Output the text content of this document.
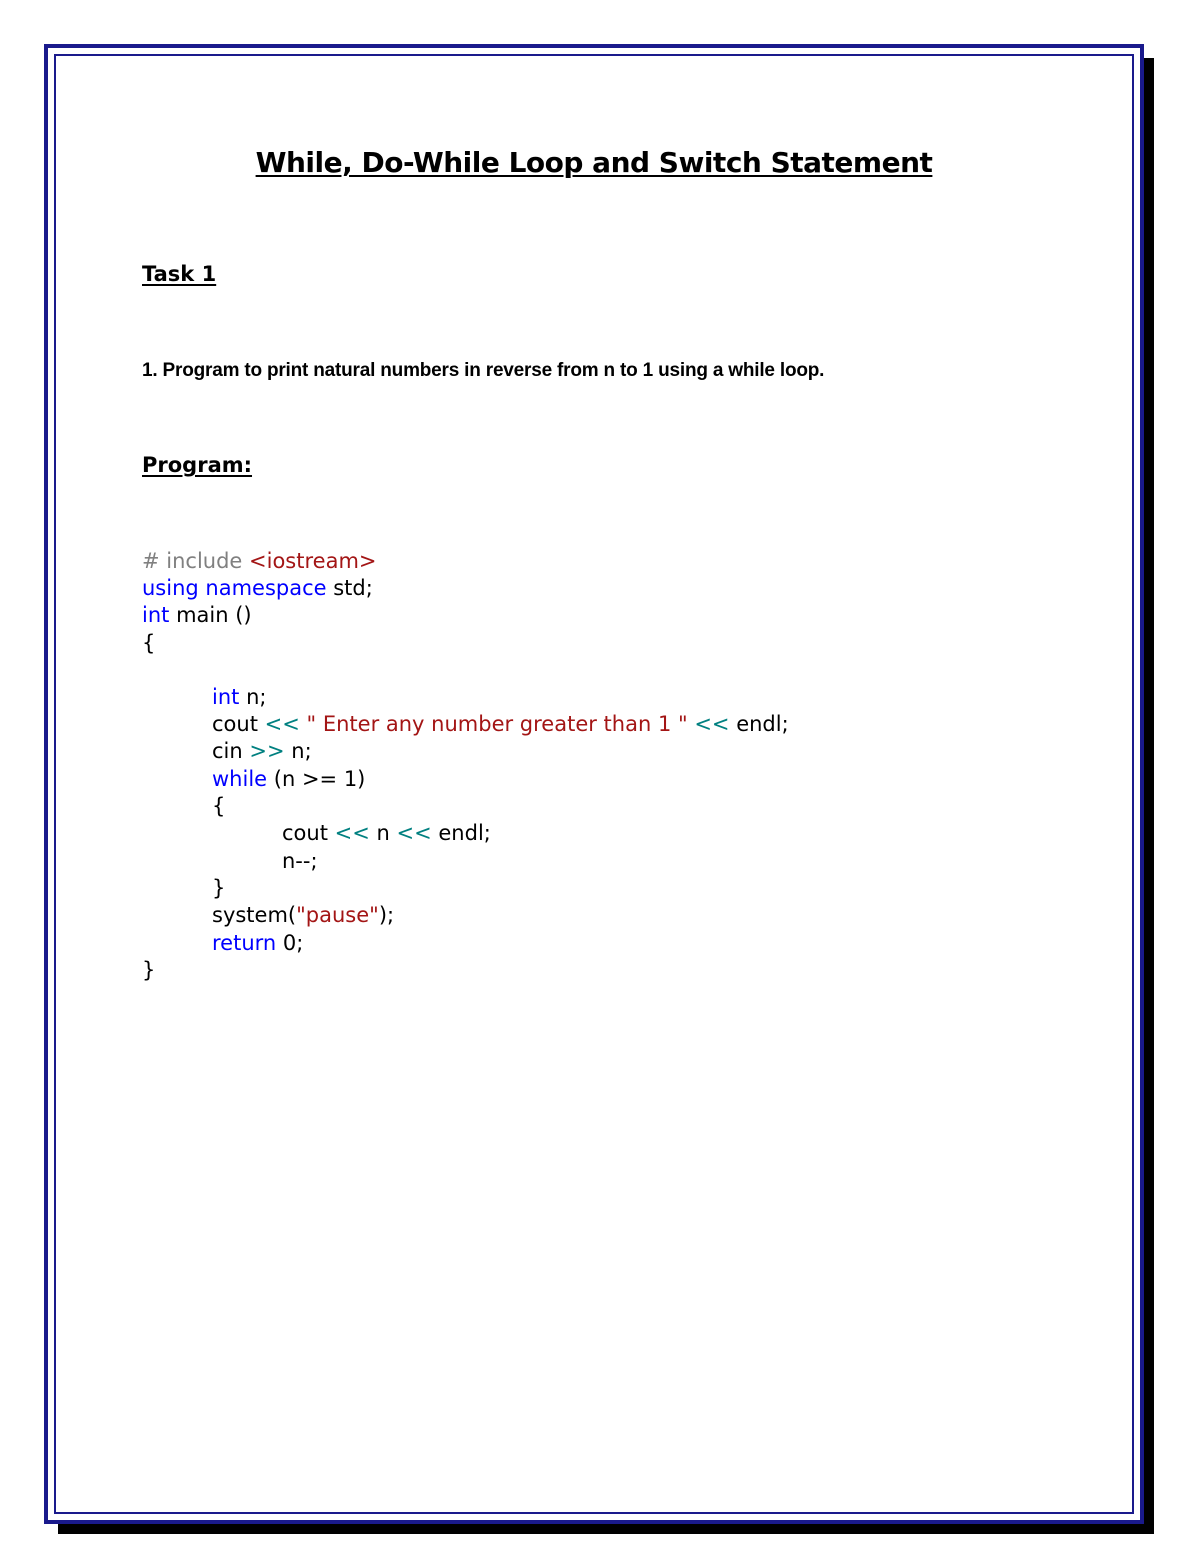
While, Do-While Loop and Switch Statement
Task 1
1. Program to print natural numbers in reverse from n to 1 using a while loop.
Program:
# include <iostream>
using namespace std;
int main ()
{
int n;
cout << " Enter any number greater than 1 " << endl;
cin >> n;
while (n >= 1)
{
cout << n << endl;
n--;
}
system("pause");
return 0;
}
